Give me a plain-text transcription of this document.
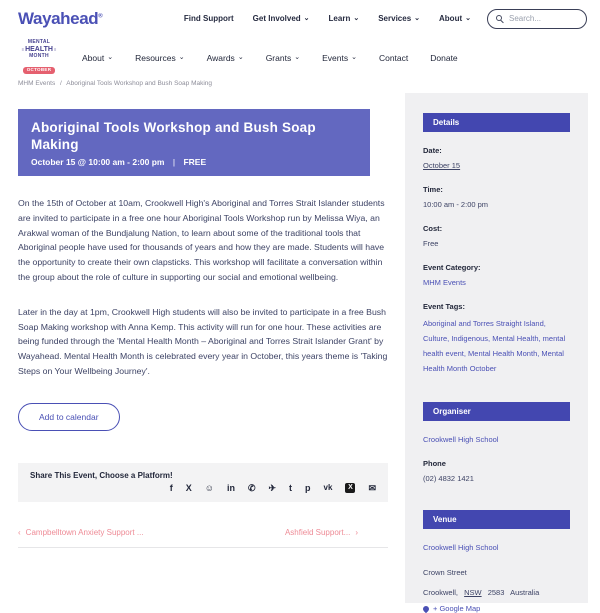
Wayahead®	Find Support Get Involved ⌄ Learn ⌄ Services ⌄ About ⌄
Search...
MENTAL
≡ HEALTH ≡
MONTH
OCTOBER
About ⌄	Resources ⌄	Awards ⌄	Grants ⌄	Events ⌄	Contact	Donate
MHM Events / Aboriginal Tools Workshop and Bush Soap Making
Aboriginal Tools Workshop and Bush Soap Making
October 15 @ 10:00 am - 2:00 pm | FREE

On the 15th of October at 10am, Crookwell High's Aboriginal and Torres Strait Islander students are invited to participate in a free one hour Aboriginal Tools Workshop run by Melissa Wiya, an Arakwal woman of the Bundjalung Nation, to learn about some of the traditional tools that Aboriginal people have used for thousands of years and how they are made. Students will have the opportunity to create their own clapsticks. This workshop will facilitate a conversation within the group about the role of culture in supporting our social and emotional wellbeing.

Later in the day at 1pm, Crookwell High students will also be invited to participate in a free Bush Soap Making workshop with Anna Kemp. This activity will run for one hour. These activities are being funded through the 'Mental Health Month – Aboriginal and Torres Strait Islander Grant' by Wayahead. Mental Health Month is celebrated every year in October, this years theme is 'Taking Steps on Your Wellbeing Journey'.

Add to calendar
Share This Event, Choose a Platform!
f X ☺ in ✆ ✈ t p vk	X ✉
‹ Campbelltown Anxiety Support ...	Ashfield Support... ›
Details
Date:
October 15
Time:
10:00 am - 2:00 pm
Cost:
Free
Event Category:
MHM Events
Event Tags:
Aboriginal and Torres Straight Island, Culture, Indigenous, Mental Health, mental health event, Mental Health Month, Mental Health Month October
Organiser
Crookwell High School
Phone
(02) 4832 1421
Venue
Crookwell High School
Crown Street
Crookwell, NSW 2583 Australia
+ Google Map
